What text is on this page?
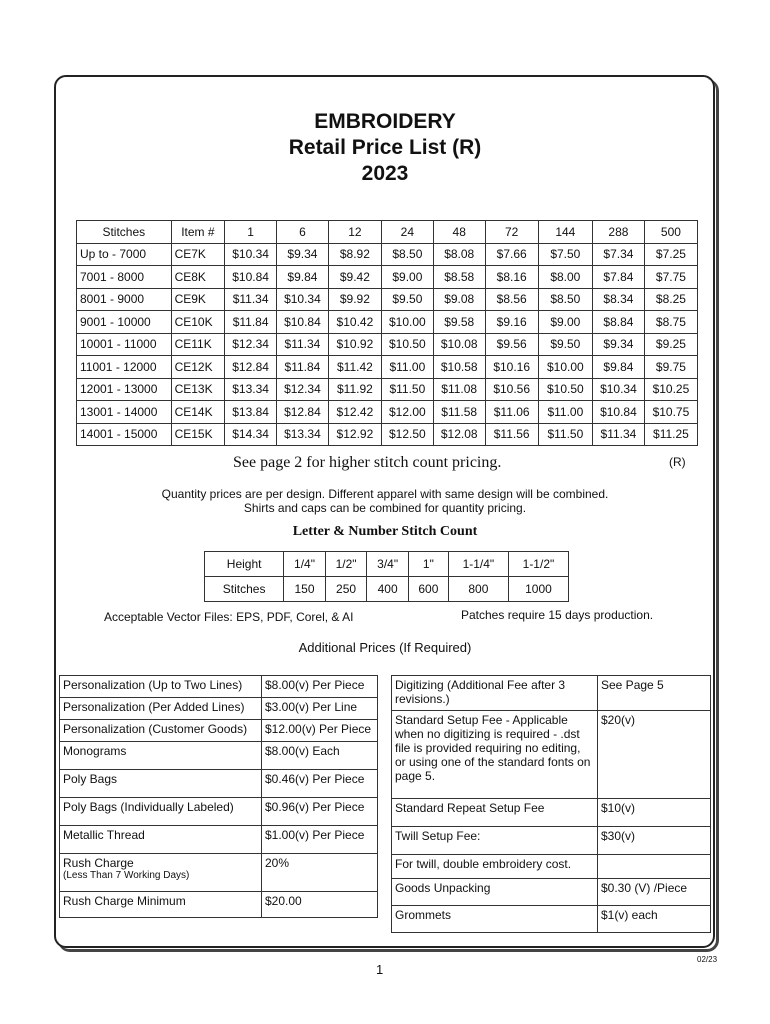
EMBROIDERY
Retail Price List (R)
2023
Stitches	Item #	1	6	12	24	48	72	144	288	500
Up to - 7000	CE7K	$10.34	$9.34	$8.92	$8.50	$8.08	$7.66	$7.50	$7.34	$7.25
7001 - 8000	CE8K	$10.84	$9.84	$9.42	$9.00	$8.58	$8.16	$8.00	$7.84	$7.75
8001 - 9000	CE9K	$11.34	$10.34	$9.92	$9.50	$9.08	$8.56	$8.50	$8.34	$8.25
9001 - 10000	CE10K	$11.84	$10.84	$10.42	$10.00	$9.58	$9.16	$9.00	$8.84	$8.75
10001 - 11000	CE11K	$12.34	$11.34	$10.92	$10.50	$10.08	$9.56	$9.50	$9.34	$9.25
11001 - 12000	CE12K	$12.84	$11.84	$11.42	$11.00	$10.58	$10.16	$10.00	$9.84	$9.75
12001 - 13000	CE13K	$13.34	$12.34	$11.92	$11.50	$11.08	$10.56	$10.50	$10.34	$10.25
13001 - 14000	CE14K	$13.84	$12.84	$12.42	$12.00	$11.58	$11.06	$11.00	$10.84	$10.75
14001 - 15000	CE15K	$14.34	$13.34	$12.92	$12.50	$12.08	$11.56	$11.50	$11.34	$11.25
See page 2 for higher stitch count pricing.	(R)
Quantity prices are per design. Different apparel with same design will be combined.
Shirts and caps can be combined for quantity pricing.
Letter & Number Stitch Count
Height	1/4"	1/2"	3/4"	1"	1-1/4"	1-1/2"
Stitches	150	250	400	600	800	1000
Acceptable Vector Files: EPS, PDF, Corel, & AI	Patches require 15 days production.
Additional Prices (If Required)
Personalization (Up to Two Lines)	$8.00(v) Per Piece
Personalization (Per Added Lines)	$3.00(v) Per Line
Personalization (Customer Goods)	$12.00(v) Per Piece
Monograms	$8.00(v) Each
Poly Bags	$0.46(v) Per Piece
Poly Bags (Individually Labeled)	$0.96(v) Per Piece
Metallic Thread	$1.00(v) Per Piece

Rush Charge
(Less Than 7 Working Days)	20%
Rush Charge Minimum	$20.00
Digitizing (Additional Fee after 3 revisions.)	See Page 5
Standard Setup Fee - Applicable when no digitizing is required - .dst file is provided requiring no editing, or using one of the standard fonts on page 5.	$20(v)
Standard Repeat Setup Fee	$10(v)
Twill Setup Fee:	$30(v)
For twill, double embroidery cost.	
Goods Unpacking	$0.30 (V) /Piece
Grommets	$1(v) each
1
02/23
